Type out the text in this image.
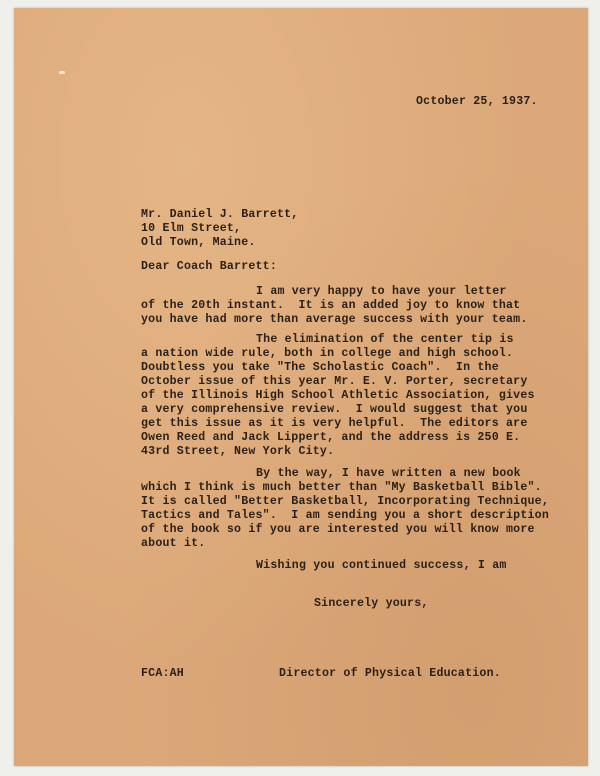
October 25, 1937.
Mr. Daniel J. Barrett,
10 Elm Street,
Old Town, Maine.
Dear Coach Barrett:
I am very happy to have your letter
of the 20th instant.  It is an added joy to know that
you have had more than average success with your team.
The elimination of the center tip is
a nation wide rule, both in college and high school.
Doubtless you take "The Scholastic Coach".  In the
October issue of this year Mr. E. V. Porter, secretary
of the Illinois High School Athletic Association, gives
a very comprehensive review.  I would suggest that you
get this issue as it is very helpful.  The editors are
Owen Reed and Jack Lippert, and the address is 250 E.
43rd Street, New York City.
By the way, I have written a new book
which I think is much better than "My Basketball Bible".
It is called "Better Basketball, Incorporating Technique,
Tactics and Tales".  I am sending you a short description
of the book so if you are interested you will know more
about it.
Wishing you continued success, I am
Sincerely yours,
FCA:AH	Director of Physical Education.
